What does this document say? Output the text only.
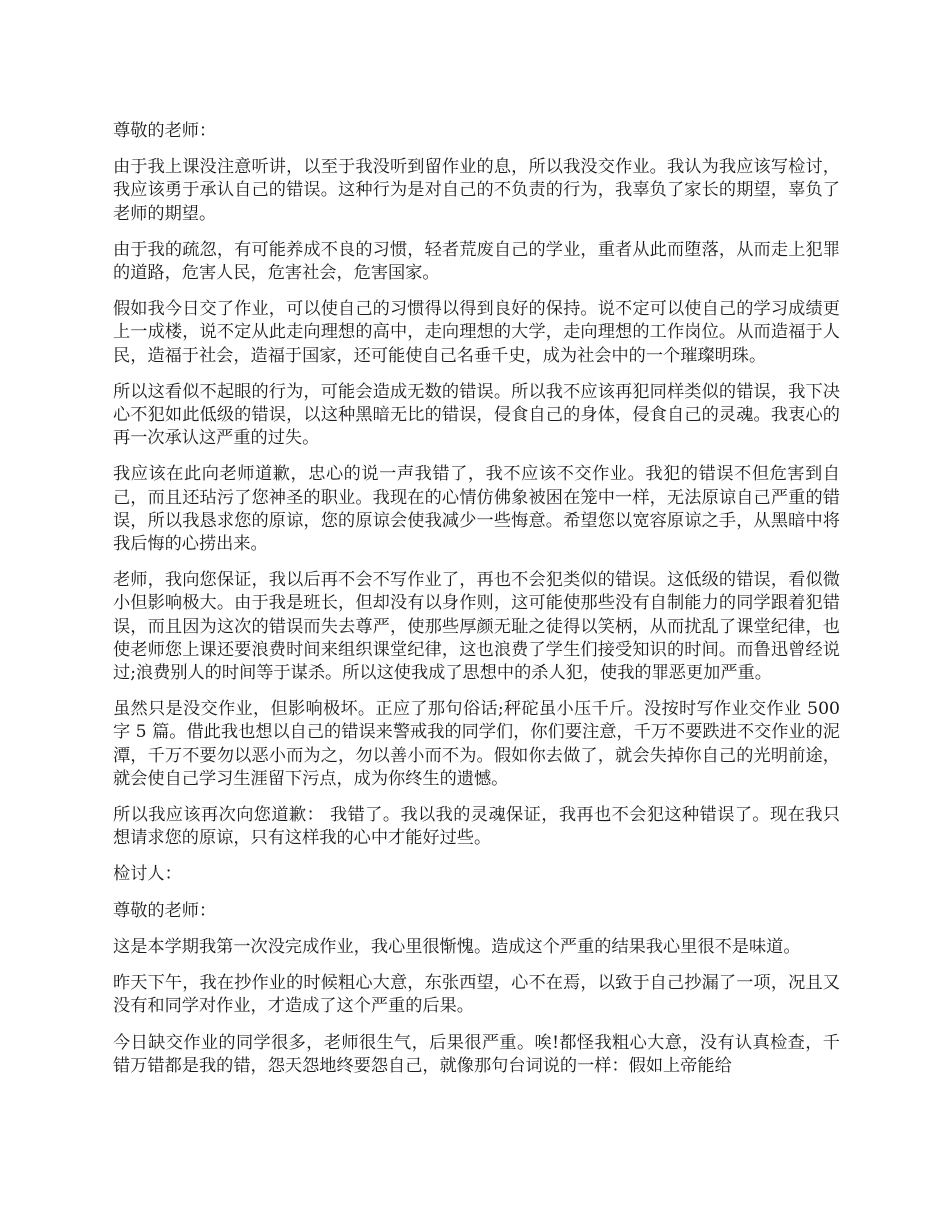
尊敬的老师：

由于我上课没注意听讲，以至于我没听到留作业的息，所以我没交作业。我认为我应该写检讨，我应该勇于承认自己的错误。这种行为是对自己的不负责的行为，我辜负了家长的期望，辜负了老师的期望。

由于我的疏忽，有可能养成不良的习惯，轻者荒废自己的学业，重者从此而堕落，从而走上犯罪的道路，危害人民，危害社会，危害国家。

假如我今日交了作业，可以使自己的习惯得以得到良好的保持。说不定可以使自己的学习成绩更上一成楼，说不定从此走向理想的高中，走向理想的大学，走向理想的工作岗位。从而造福于人民，造福于社会，造福于国家，还可能使自己名垂千史，成为社会中的一个璀璨明珠。

所以这看似不起眼的行为，可能会造成无数的错误。所以我不应该再犯同样类似的错误，我下决心不犯如此低级的错误，以这种黑暗无比的错误，侵食自己的身体，侵食自己的灵魂。我衷心的再一次承认这严重的过失。

我应该在此向老师道歉，忠心的说一声我错了，我不应该不交作业。我犯的错误不但危害到自己，而且还玷污了您神圣的职业。我现在的心情仿佛象被困在笼中一样，无法原谅自己严重的错误，所以我恳求您的原谅，您的原谅会使我减少一些悔意。希望您以宽容原谅之手，从黑暗中将我后悔的心捞出来。

老师，我向您保证，我以后再不会不写作业了，再也不会犯类似的错误。这低级的错误，看似微小但影响极大。由于我是班长，但却没有以身作则，这可能使那些没有自制能力的同学跟着犯错误，而且因为这次的错误而失去尊严，使那些厚颜无耻之徒得以笑柄，从而扰乱了课堂纪律，也使老师您上课还要浪费时间来组织课堂纪律，这也浪费了学生们接受知识的时间。而鲁迅曾经说过;浪费别人的时间等于谋杀。所以这使我成了思想中的杀人犯，使我的罪恶更加严重。

虽然只是没交作业，但影响极坏。正应了那句俗话;秤砣虽小压千斤。没按时写作业交作业 500 字 5 篇。借此我也想以自己的错误来警戒我的同学们，你们要注意，千万不要跌进不交作业的泥潭，千万不要勿以恶小而为之，勿以善小而不为。假如你去做了，就会失掉你自己的光明前途，就会使自己学习生涯留下污点，成为你终生的遗憾。

所以我应该再次向您道歉： 我错了。我以我的灵魂保证，我再也不会犯这种错误了。现在我只想请求您的原谅，只有这样我的心中才能好过些。

检讨人：

尊敬的老师：

这是本学期我第一次没完成作业，我心里很惭愧。造成这个严重的结果我心里很不是味道。

昨天下午，我在抄作业的时候粗心大意，东张西望，心不在焉，以致于自己抄漏了一项，况且又没有和同学对作业，才造成了这个严重的后果。

今日缺交作业的同学很多，老师很生气，后果很严重。唉!都怪我粗心大意，没有认真检查，千错万错都是我的错，怨天怨地终要怨自己，就像那句台词说的一样：假如上帝能给
